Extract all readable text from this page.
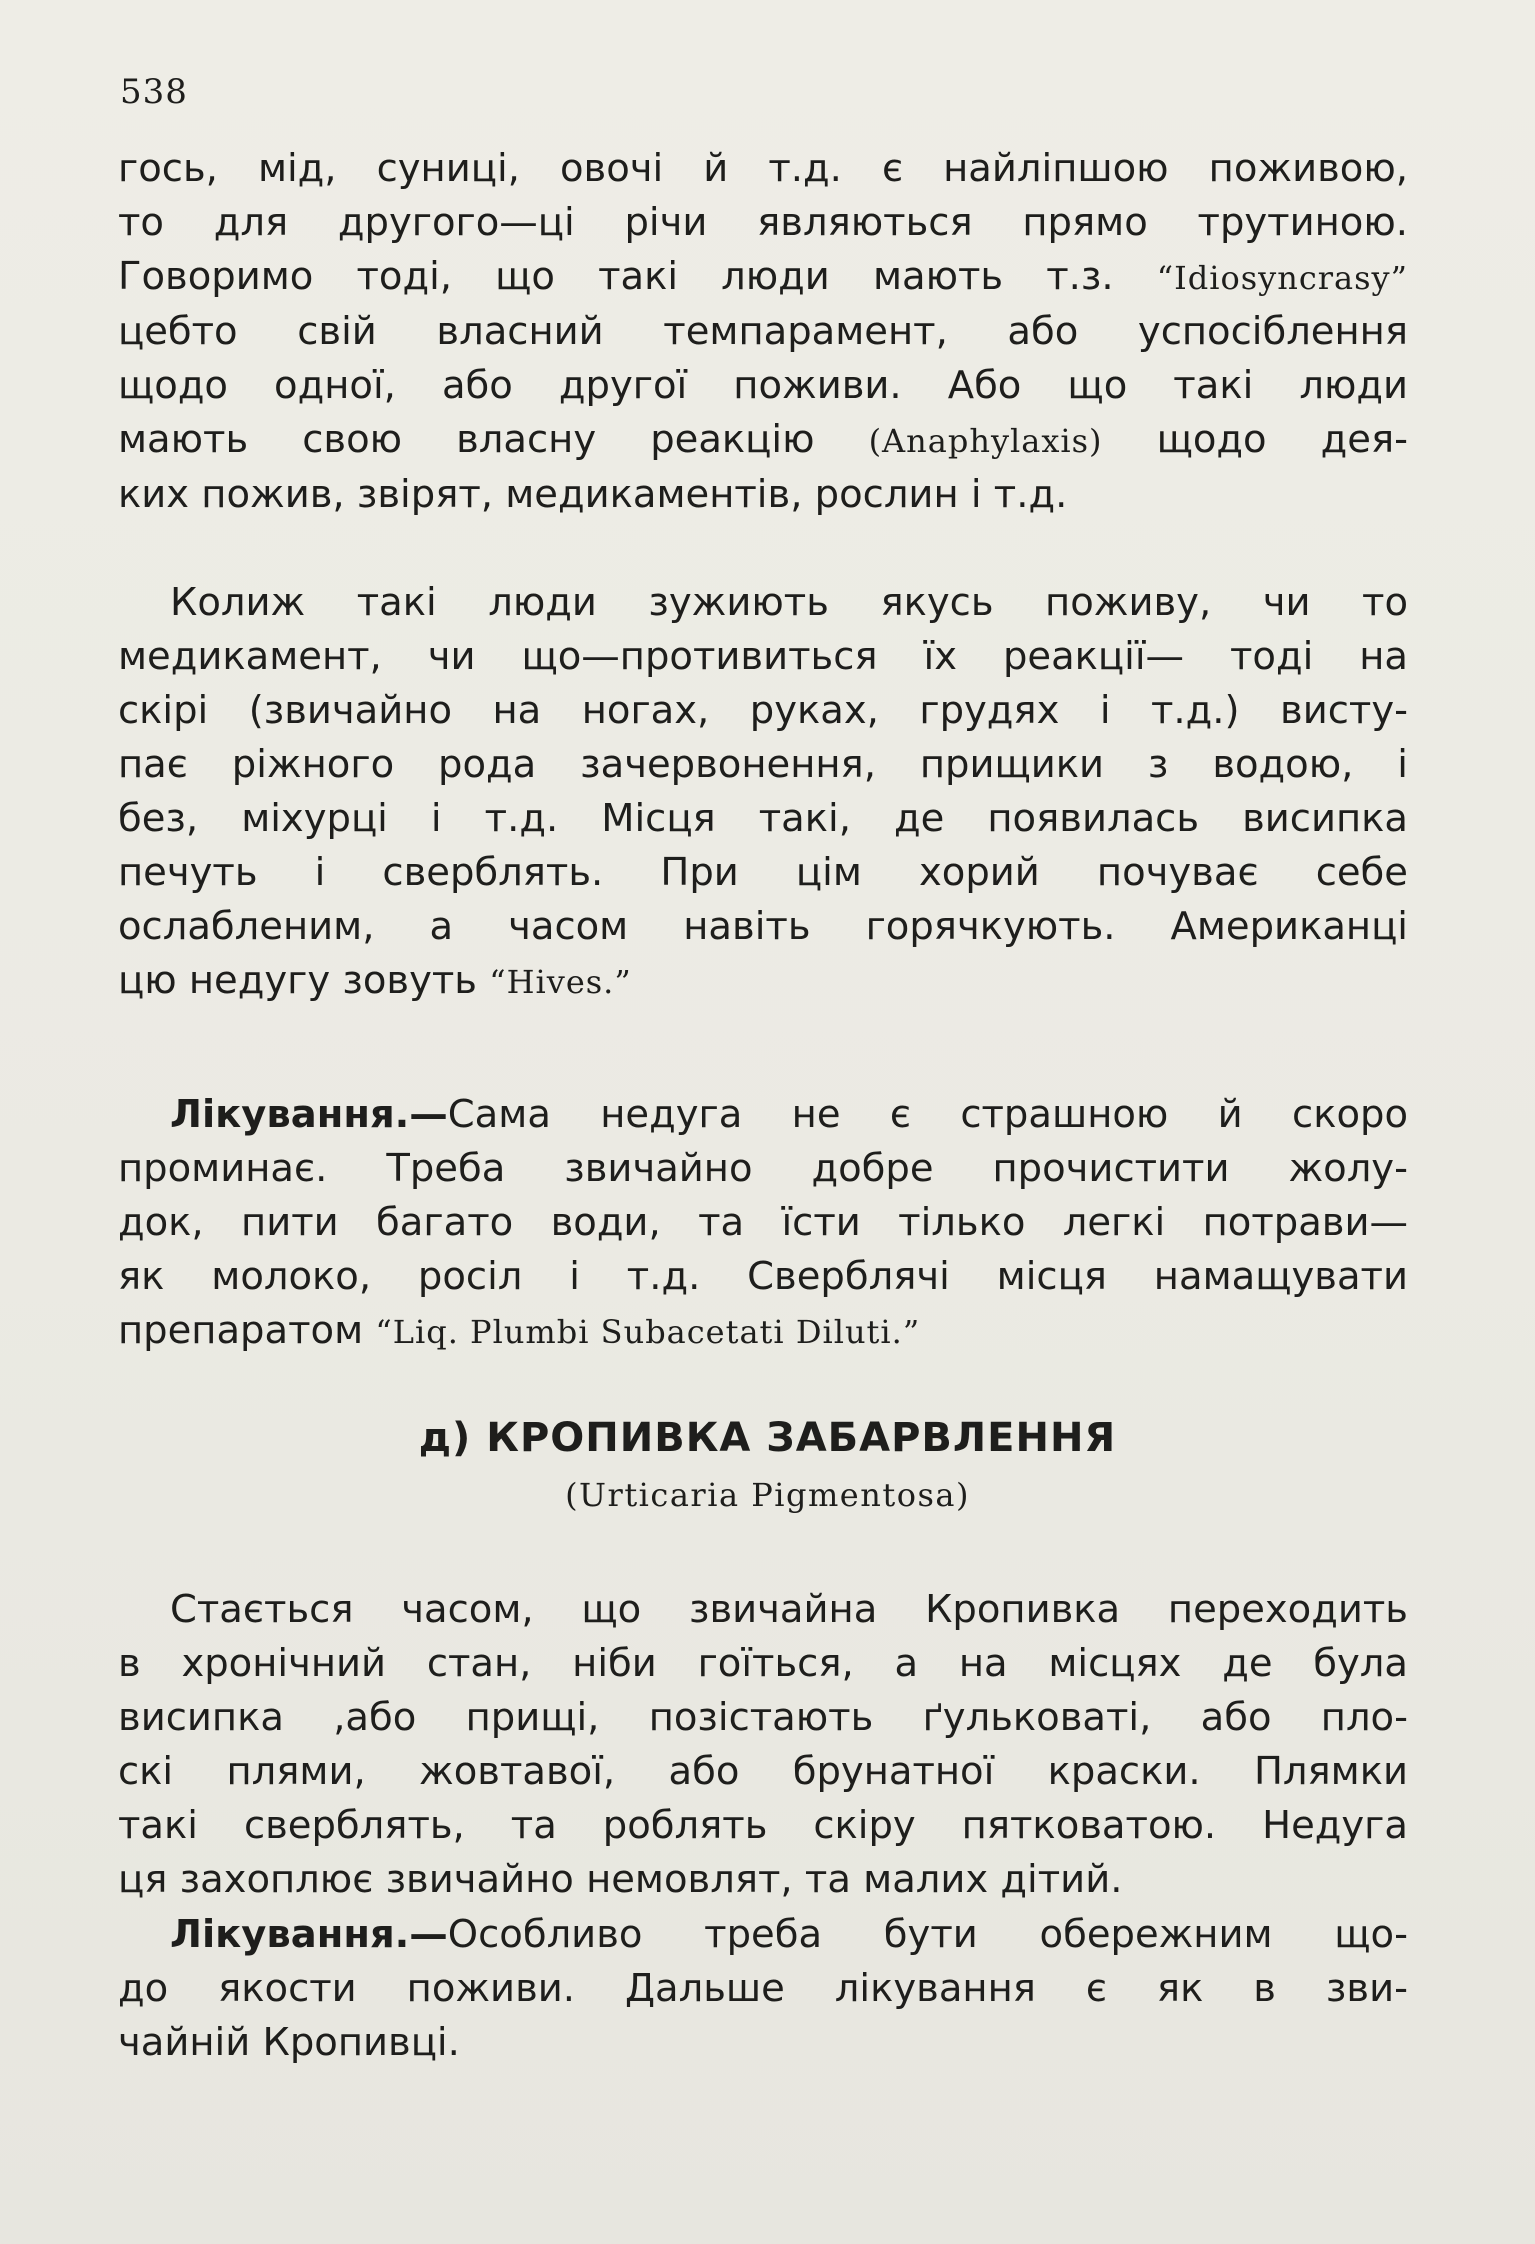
538
гось, мід, суниці, овочі й т.д. є найліпшою поживою,
то для другого—ці річи являються прямо трутиною.
Говоримо тоді, що такі люди мають т.з. “Idiosyncrasy”
цебто свій власний темпарамент, або успосіблення
щодо одної, або другої поживи. Або що такі люди
мають свою власну реакцію (Anaphylaxis) щодо дея-
ких пожив, звірят, медикаментів, рослин і т.д.
Колиж такі люди зужиють якусь поживу, чи то
медикамент, чи що—противиться їх реакції— тоді на
скірі (звичайно на ногах, руках, грудях і т.д.) висту-
пає ріжного рода зачервонення, прищики з водою, і
без, міхурці і т.д. Місця такі, де появилась висипка
печуть і сверблять. При цім хорий почуває себе
ослабленим, а часом навіть горячкують. Американці
цю недугу зовуть “Hives.”
Лікування.—Сама недуга не є страшною й скоро
проминає. Треба звичайно добре прочистити жолу-
док, пити багато води, та їсти тілько легкі потрави—
як молоко, росіл і т.д. Сверблячі місця намащувати
препаратом “Liq. Plumbi Subacetati Diluti.”
д) КРОПИВКА ЗАБАРВЛЕННЯ
(Urticaria Pigmentosa)
Стається часом, що звичайна Кропивка переходить
в хронічний стан, ніби гоїться, а на місцях де була
висипка ,або прищі, позістають ґульковаті, або пло-
скі плями, жовтавої, або брунатної краски. Плямки
такі сверблять, та роблять скіру пятковатою. Недуга
ця захоплює звичайно немовлят, та малих дітий.
Лікування.—Особливо треба бути обережним що-
до якости поживи. Дальше лікування є як в зви-
чайній Кропивці.
